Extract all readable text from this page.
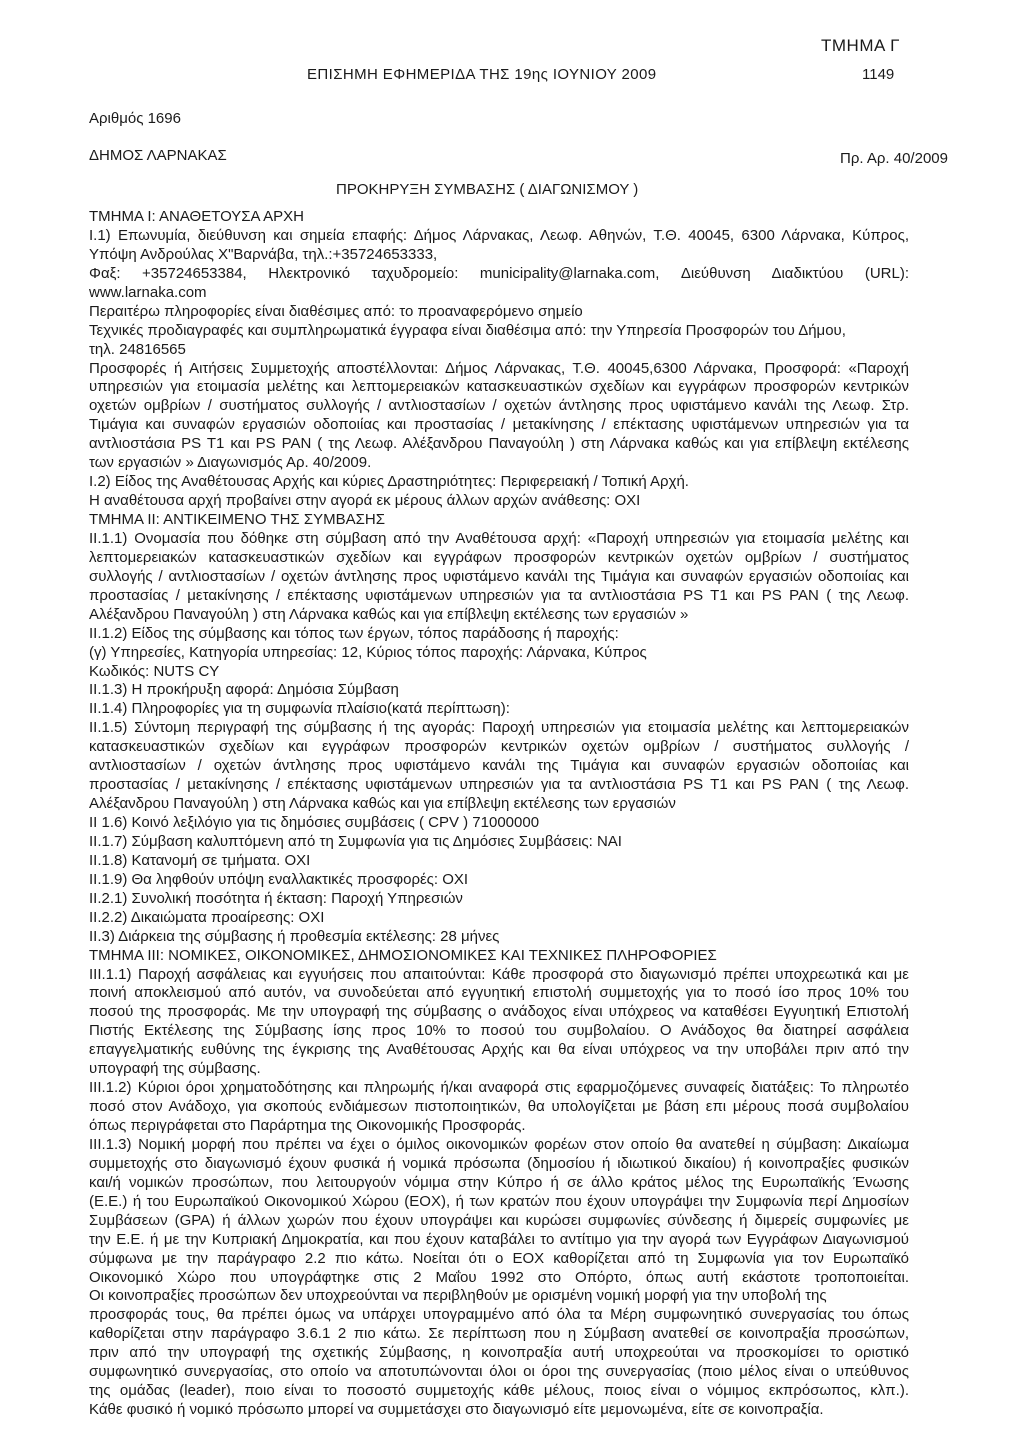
ΤΜΗΜΑ Γ
ΕΠΙΣΗΜΗ ΕΦΗΜΕΡΙΔΑ ΤΗΣ 19ης ΙΟΥΝΙΟΥ 2009	1149
Αριθμός 1696
ΔΗΜΟΣ ΛΑΡΝΑΚΑΣ	Πρ. Αρ. 40/2009
ΠΡΟΚΗΡΥΞΗ ΣΥΜΒΑΣΗΣ ( ΔΙΑΓΩΝΙΣΜΟΥ )
ΤΜΗΜΑ Ι: ΑΝΑΘΕΤΟΥΣΑ ΑΡΧΗ
Ι.1) Επωνυμία, διεύθυνση και σημεία επαφής: Δήμος Λάρνακας, Λεωφ. Αθηνών, Τ.Θ. 40045, 6300 Λάρνακα, Κύπρος,
Υπόψη Ανδρούλας Χ"Βαρνάβα, τηλ.:+35724653333,
Φαξ: +35724653384, Ηλεκτρονικό ταχυδρομείο: municipality@larnaka.com, Διεύθυνση Διαδικτύου (URL):
www.larnaka.com
Περαιτέρω πληροφορίες είναι διαθέσιμες από: το προαναφερόμενο σημείο
Τεχνικές προδιαγραφές και συμπληρωματικά έγγραφα είναι διαθέσιμα από: την Υπηρεσία Προσφορών του Δήμου,
τηλ. 24816565
Προσφορές ή Αιτήσεις Συμμετοχής αποστέλλονται: Δήμος Λάρνακας, Τ.Θ. 40045,6300 Λάρνακα, Προσφορά: «Παροχή
υπηρεσιών για ετοιμασία μελέτης και λεπτομερειακών κατασκευαστικών σχεδίων και εγγράφων προσφορών κεντρικών
οχετών ομβρίων / συστήματος συλλογής / αντλιοστασίων / οχετών άντλησης προς υφιστάμενο κανάλι της Λεωφ. Στρ.
Τιμάγια και συναφών εργασιών οδοποιίας και προστασίας / μετακίνησης / επέκτασης υφιστάμενων υπηρεσιών για τα
αντλιοστάσια PS T1 και PS PAN ( της Λεωφ. Αλέξανδρου Παναγούλη ) στη Λάρνακα καθώς και για επίβλεψη εκτέλεσης
των εργασιών » Διαγωνισμός Αρ. 40/2009.
Ι.2) Είδος της Αναθέτουσας Αρχής και κύριες Δραστηριότητες: Περιφερειακή / Τοπική Αρχή.
Η αναθέτουσα αρχή προβαίνει στην αγορά εκ μέρους άλλων αρχών ανάθεσης: ΟΧΙ
ΤΜΗΜΑ ΙΙ: ΑΝΤΙΚΕΙΜΕΝΟ ΤΗΣ ΣΥΜΒΑΣΗΣ
ΙΙ.1.1) Ονομασία που δόθηκε στη σύμβαση από την Αναθέτουσα αρχή: «Παροχή υπηρεσιών για ετοιμασία μελέτης και
λεπτομερειακών κατασκευαστικών σχεδίων και εγγράφων προσφορών κεντρικών οχετών ομβρίων / συστήματος
συλλογής / αντλιοστασίων / οχετών άντλησης προς υφιστάμενο κανάλι της Τιμάγια και συναφών εργασιών οδοποιίας και
προστασίας / μετακίνησης / επέκτασης υφιστάμενων υπηρεσιών για τα αντλιοστάσια PS T1 και PS PAN ( της Λεωφ.
Αλέξανδρου Παναγούλη ) στη Λάρνακα καθώς και για επίβλεψη εκτέλεσης των εργασιών »
ΙΙ.1.2) Είδος της σύμβασης και τόπος των έργων, τόπος παράδοσης ή παροχής:
(γ) Υπηρεσίες, Κατηγορία υπηρεσίας: 12, Κύριος τόπος παροχής: Λάρνακα, Κύπρος
Κωδικός: NUTS CY
ΙΙ.1.3) Η προκήρυξη αφορά: Δημόσια Σύμβαση
ΙΙ.1.4) Πληροφορίες για τη συμφωνία πλαίσιο(κατά περίπτωση):
ΙΙ.1.5) Σύντομη περιγραφή της σύμβασης ή της αγοράς: Παροχή υπηρεσιών για ετοιμασία μελέτης και λεπτομερειακών
κατασκευαστικών σχεδίων και εγγράφων προσφορών κεντρικών οχετών ομβρίων / συστήματος συλλογής /
αντλιοστασίων / οχετών άντλησης προς υφιστάμενο κανάλι της Τιμάγια και συναφών εργασιών οδοποιίας και
προστασίας / μετακίνησης / επέκτασης υφιστάμενων υπηρεσιών για τα αντλιοστάσια PS T1 και PS PAN ( της Λεωφ.
Αλέξανδρου Παναγούλη ) στη Λάρνακα καθώς και για επίβλεψη εκτέλεσης των εργασιών
ΙΙ 1.6) Κοινό λεξιλόγιο για τις δημόσιες συμβάσεις ( CPV ) 71000000
ΙΙ.1.7) Σύμβαση καλυπτόμενη από τη Συμφωνία για τις Δημόσιες Συμβάσεις: ΝΑΙ
ΙΙ.1.8) Κατανομή σε τμήματα. ΟΧΙ
ΙΙ.1.9) Θα ληφθούν υπόψη εναλλακτικές προσφορές: ΟΧΙ
ΙΙ.2.1) Συνολική ποσότητα ή έκταση: Παροχή Υπηρεσιών
ΙΙ.2.2) Δικαιώματα προαίρεσης: ΟΧΙ
ΙΙ.3) Διάρκεια της σύμβασης ή προθεσμία εκτέλεσης: 28 μήνες
ΤΜΗΜΑ ΙΙΙ: ΝΟΜΙΚΕΣ, ΟΙΚΟΝΟΜΙΚΕΣ, ΔΗΜΟΣΙΟΝΟΜΙΚΕΣ ΚΑΙ ΤΕΧΝΙΚΕΣ ΠΛΗΡΟΦΟΡΙΕΣ
ΙΙΙ.1.1) Παροχή ασφάλειας και εγγυήσεις που απαιτούνται: Κάθε προσφορά στο διαγωνισμό πρέπει υποχρεωτικά και με
ποινή αποκλεισμού από αυτόν, να συνοδεύεται από εγγυητική επιστολή συμμετοχής για το ποσό ίσο προς 10% του
ποσού της προσφοράς. Με την υπογραφή της σύμβασης ο ανάδοχος είναι υπόχρεος να καταθέσει Εγγυητική Επιστολή
Πιστής Εκτέλεσης της Σύμβασης ίσης προς 10% το ποσού του συμβολαίου. Ο Ανάδοχος θα διατηρεί ασφάλεια
επαγγελματικής ευθύνης της έγκρισης της Αναθέτουσας Αρχής και θα είναι υπόχρεος να την υποβάλει πριν από την
υπογραφή της σύμβασης.
ΙΙΙ.1.2) Κύριοι όροι χρηματοδότησης και πληρωμής ή/και αναφορά στις εφαρμοζόμενες συναφείς διατάξεις: Το πληρωτέο
ποσό στον Ανάδοχο, για σκοπούς ενδιάμεσων πιστοποιητικών, θα υπολογίζεται με βάση επι μέρους ποσά συμβολαίου
όπως περιγράφεται στο Παράρτημα της Οικονομικής Προσφοράς.
ΙΙΙ.1.3) Νομική μορφή που πρέπει να έχει ο όμιλος οικονομικών φορέων στον οποίο θα ανατεθεί η σύμβαση: Δικαίωμα
συμμετοχής στο διαγωνισμό έχουν φυσικά ή νομικά πρόσωπα (δημοσίου ή ιδιωτικού δικαίου) ή κοινοπραξίες φυσικών
και/ή νομικών προσώπων, που λειτουργούν νόμιμα στην Κύπρο ή σε άλλο κράτος μέλος της Ευρωπαϊκής Ένωσης
(Ε.Ε.) ή του Ευρωπαϊκού Οικονομικού Χώρου (ΕΟΧ), ή των κρατών που έχουν υπογράψει την Συμφωνία περί Δημοσίων
Συμβάσεων (GPA) ή άλλων χωρών που έχουν υπογράψει και κυρώσει συμφωνίες σύνδεσης ή διμερείς συμφωνίες με
την Ε.Ε. ή με την Κυπριακή Δημοκρατία, και που έχουν καταβάλει το αντίτιμο για την αγορά των Εγγράφων Διαγωνισμού
σύμφωνα με την παράγραφο 2.2 πιο κάτω. Νοείται ότι ο ΕΟΧ καθορίζεται από τη Συμφωνία για τον Ευρωπαϊκό
Οικονομικό Χώρο που υπογράφτηκε στις 2 Μαΐου 1992 στο Οπόρτο, όπως αυτή εκάστοτε τροποποιείται.
Οι κοινοπραξίες προσώπων δεν υποχρεούνται να περιβληθούν με ορισμένη νομική μορφή για την υποβολή της
προσφοράς τους, θα πρέπει όμως να υπάρχει υπογραμμένο από όλα τα Μέρη συμφωνητικό συνεργασίας του όπως
καθορίζεται στην παράγραφο 3.6.1 2 πιο κάτω. Σε περίπτωση που η Σύμβαση ανατεθεί σε κοινοπραξία προσώπων,
πριν από την υπογραφή της σχετικής Σύμβασης, η κοινοπραξία αυτή υποχρεούται να προσκομίσει το οριστικό
συμφωνητικό συνεργασίας, στο οποίο να αποτυπώνονται όλοι οι όροι της συνεργασίας (ποιο μέλος είναι ο υπεύθυνος
της ομάδας (leader), ποιο είναι το ποσοστό συμμετοχής κάθε μέλους, ποιος είναι ο νόμιμος εκπρόσωπος, κλπ.).
Κάθε φυσικό ή νομικό πρόσωπο μπορεί να συμμετάσχει στο διαγωνισμό είτε μεμονωμένα, είτε σε κοινοπραξία.
